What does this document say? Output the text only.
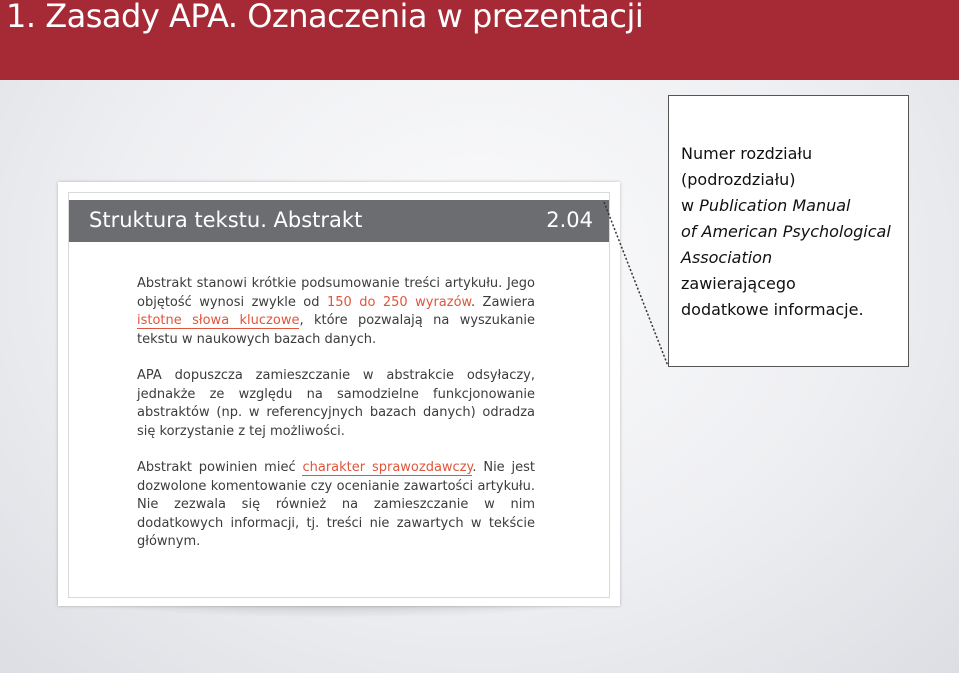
1. Zasady APA. Oznaczenia w prezentacji
Struktura tekstu. Abstrakt	2.04
Abstrakt stanowi krótkie podsumowanie treści artykułu. Jego objętość wynosi zwykle od 150 do 250 wyrazów. Zawiera istotne słowa kluczowe, które pozwalają na wyszukanie tekstu w naukowych bazach danych.
APA dopuszcza zamieszczanie w abstrakcie odsyłaczy, jednakże ze względu na samodzielne funkcjonowanie abstraktów (np. w referencyjnych bazach danych) odradza się korzystanie z tej możliwości.
Abstrakt powinien mieć charakter sprawozdawczy. Nie jest dozwolone komentowanie czy ocenianie zawartości artykułu. Nie zezwala się również na zamieszczanie w nim dodatkowych informacji, tj. treści nie zawartych w tekście głównym.
Numer rozdziału
(podrozdziału)
w Publication Manual
of American Psychological
Association
zawierającego
dodatkowe informacje.
